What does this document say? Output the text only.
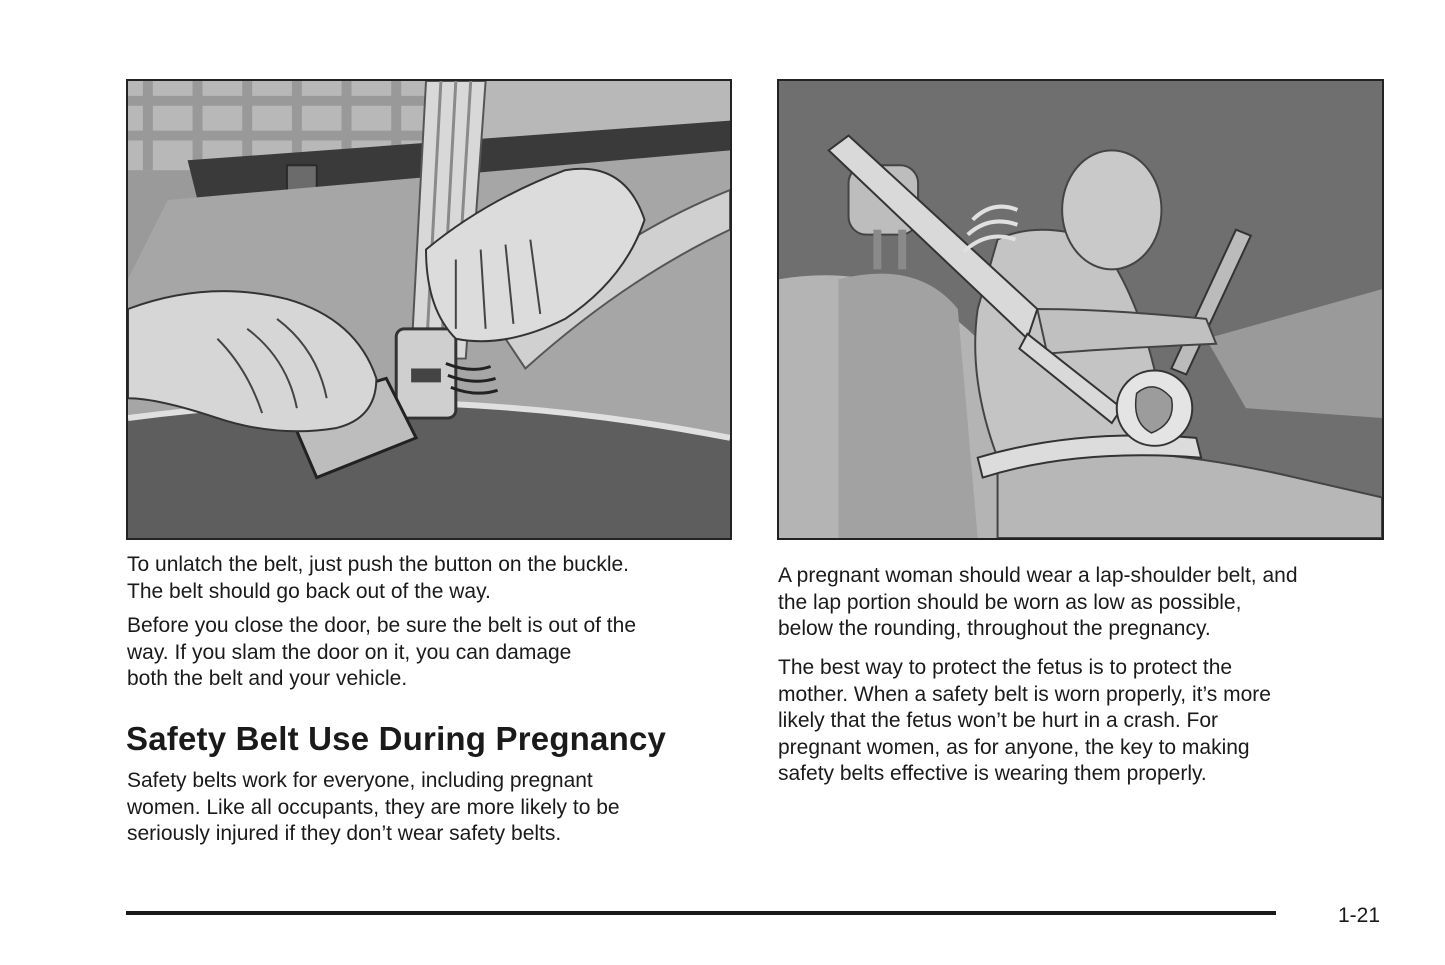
To unlatch the belt, just push the button on the buckle.
The belt should go back out of the way.

Before you close the door, be sure the belt is out of the
way. If you slam the door on it, you can damage
both the belt and your vehicle.

Safety Belt Use During Pregnancy

Safety belts work for everyone, including pregnant
women. Like all occupants, they are more likely to be
seriously injured if they don’t wear safety belts.

A pregnant woman should wear a lap-shoulder belt, and
the lap portion should be worn as low as possible,
below the rounding, throughout the pregnancy.

The best way to protect the fetus is to protect the
mother. When a safety belt is worn properly, it’s more
likely that the fetus won’t be hurt in a crash. For
pregnant women, as for anyone, the key to making
safety belts effective is wearing them properly.

1-21
